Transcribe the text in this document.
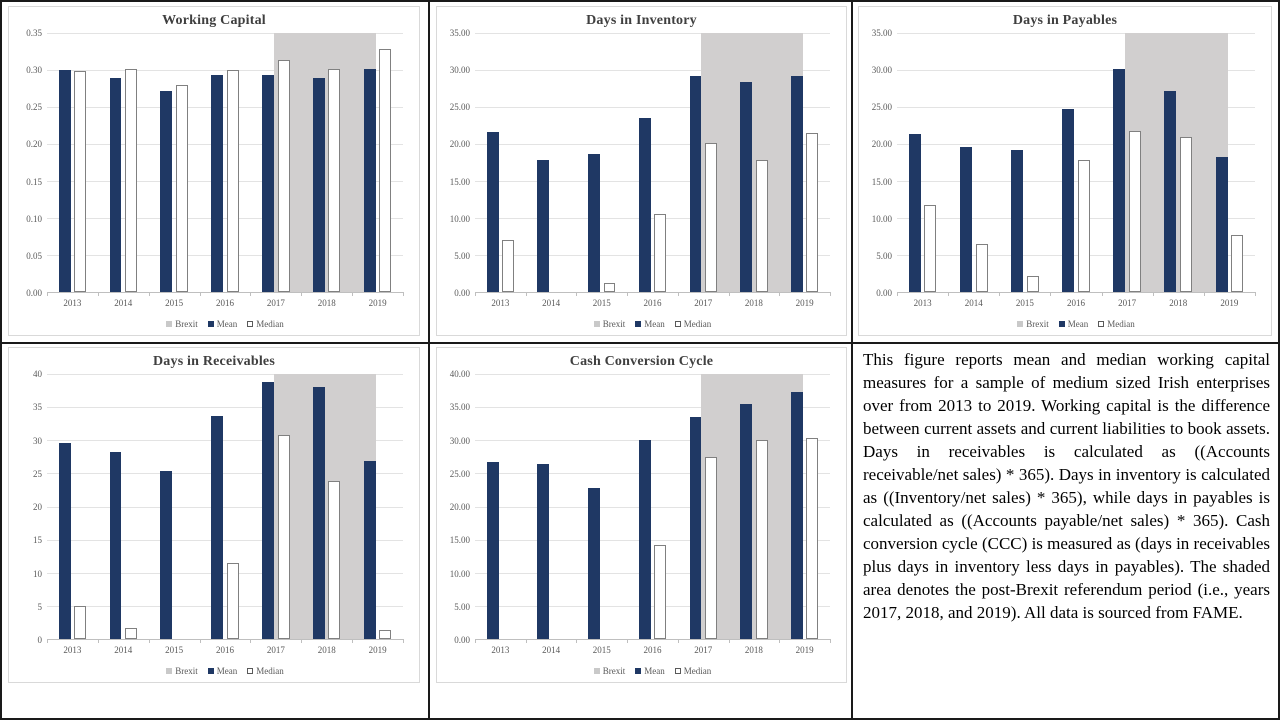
This figure reports mean and median working capital measures for a sample of medium sized Irish enterprises over from 2013 to 2019. Working capital is the difference between current assets and current liabilities to book assets. Days in receivables is calculated as ((Accounts receivable/net sales) * 365). Days in inventory is calculated as ((Inventory/net sales) * 365), while days in payables is calculated as ((Accounts payable/net sales) * 365). Cash conversion cycle (CCC) is measured as (days in receivables plus days in inventory less days in payables). The shaded area denotes the post-Brexit referendum period (i.e., years 2017, 2018, and 2019). All data is sourced from FAME.
Working Capital
0.00
0.05
0.10
0.15
0.20
0.25
0.30
0.35
2013	2014	2015	2016	2017	2018	2019
Brexit Mean Median
Days in Inventory
0.00
5.00
10.00
15.00
20.00
25.00
30.00
35.00
2013	2014	2015	2016	2017	2018	2019
Brexit Mean Median
Days in Payables
0.00
5.00
10.00
15.00
20.00
25.00
30.00
35.00
2013	2014	2015	2016	2017	2018	2019
Brexit Mean Median
Days in Receivables
0
5
10
15
20
25
30
35
40
2013	2014	2015	2016	2017	2018	2019
Brexit Mean Median
Cash Conversion Cycle
0.00
5.00
10.00
15.00
20.00
25.00
30.00
35.00
40.00
2013	2014	2015	2016	2017	2018	2019
Brexit Mean Median
